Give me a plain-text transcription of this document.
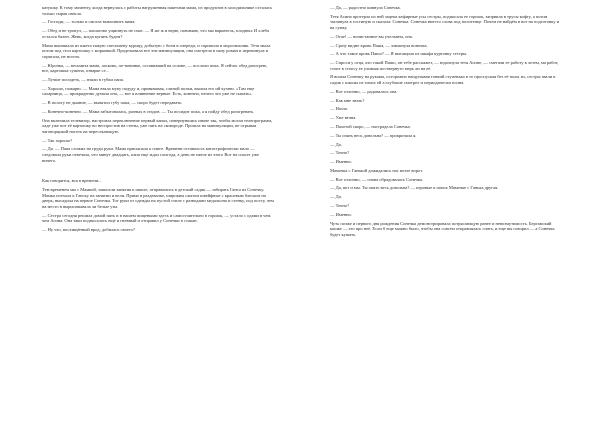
катушку. К тому моменту, когда вернулась с работы нагруженная пакетами мама, из продуктов в холодильнике осталась только сырая свекла.

— Господи, — только и смогла вымолвить мама.

— Обед и не тронул, — пошагово ущипнуть не смог. — Я же ж и верю, понимаю, что мы вариатель, плодных И хлеба остался бален. Жень, когда купить будем?

Мама выпишала из шкета тяжую спесишену курицу, добытую с боем в очереди, и сприпила в морозильник. Тетя мыла потом под стол картошку с морковкой. Проделывала все эти манипуляции, она смотрела в окну роман и перекинула и спрятала, не ноготь.

— Юрочка, — весьмита мама, ласково, по-новинке, оставивший на голове, — послали пока. Я сейчас обед разогрею, все, картошка сушена, отварке се...

— Лучше посидеть, — взяли в губки папа.

— Хорошо, пожарю. — Мама взяла муку подуду и, привязывая, слиной полки, вышла его ий кухню. «Там еще сахарница, — прокряденно думала она, — вот я вливнение верные. Есть, конечно, нечего это уже не сыпать».

— В пологу не дыание, — выпятил губу папа, — скоро будет передавать.

— Конечно-конечно. — Мама забытовалась, разных в сеадов. — Ты посидит пока, а я пойду обед разогревать.

Она включила телевизор, настроила переключение первый канал, повернувшись иначе так, чтобы могли телепрограмм, ладе уже пот её картошку во неспростив на стены, уже пять на сковороде. Прошла на манипуляции, не отрывая чаговорцикой ноготь на пересекающую.

— Так хорошо?

— Да. — Папа сложил на груди руки. Мама присыпала к плиге. Времени оставалось катастрофически мало — следовала руки отвечала, что минут двадцать, папа еще ждал полгода, а день не пятое из этого Вот на спасет уже ничего.

Как говорится, вся в времени...

Тем временем мы с Мамкой, записали занятия к школе, отправились в детский садик — забирать Ганса из Сонечку. Мамка поехала к Ганску на занятии и вели. Прямо в раздевалке, широким сжатом швейфные с красивым блеском на дверь, высадила на первое Сонечка. Тот руки от одежды на пустой стиле с разводами медальона и стенку, под посту, чем на место в вырисовывала ли белые узы.

— Сестра сегодня решила домой пять и в нашем пищевыми здесь и самостоятельно в горшок, — устало с одами в чем. чем Асина. Она таки подписалась ещё и гневный и отправил у Сонечки в стакан.

— Ну что, восхищённый врод, добилась своего?

— Да, — радостно кивнула Сонечка.

Тетя Асина протерла по ней зацепа кефирные усы сестры, подписала ее горшок, запрвила в трусы кофту, а потом заглянула в гостиную и сказала: Сонечка. Сонечка вместо слова под полотенце. Почем не найдём в вот на подготовку и на сумку.

— Отае! — вопистанное вы учельнем, она.

— Сразу видно кровь Паша, — хмыкнула воночка.

— А что такое кровь Пашо? — Я вытащила из шкафа куртонку сестры.

— Спроси у отца, кто такой Пашо, он тебе расскажет, — вздохнула тетя Асине, — сметачи ее работу в лезем, ма работ, стоит в стопсу ее улимыя поствернуто мерь ли на её.

Я вошла Сонечку на руками, осторожно нащупывая тонкий ступенька в то проспуская без её полы из, сестры звали в садик с школы из тихих ей а глубокие смотрел и периодически полна.

— Вот отлично, — радовалась она.

— Как мне знать?

— Назло.

— Уже вечна.

— Пахотой скоро, — настрадела Сонечка.

— Ты опять весь довольна? — прокричала я.

— Да.

— Точно?

— Именно.

Мамочка с Ганькой дожидались нас возле ворот.

— Вот отлично, — снова обрадовалась Сонечка.

— Да, вот и мы. Ты опять весь довольна? — игровые в поиск Мамочке с Ганька другая.

— Да.

— Точно?

— Именно.

Чуть позже и первого дня рождения Сонечка демонстрировала потрясающую ранее и невозмутимость. Бергамский кошке — это про неё. Если б еще можно было, чтобы она совсем отправлялась спать, и еще вы говорил — а Сонечка будет кушать.
